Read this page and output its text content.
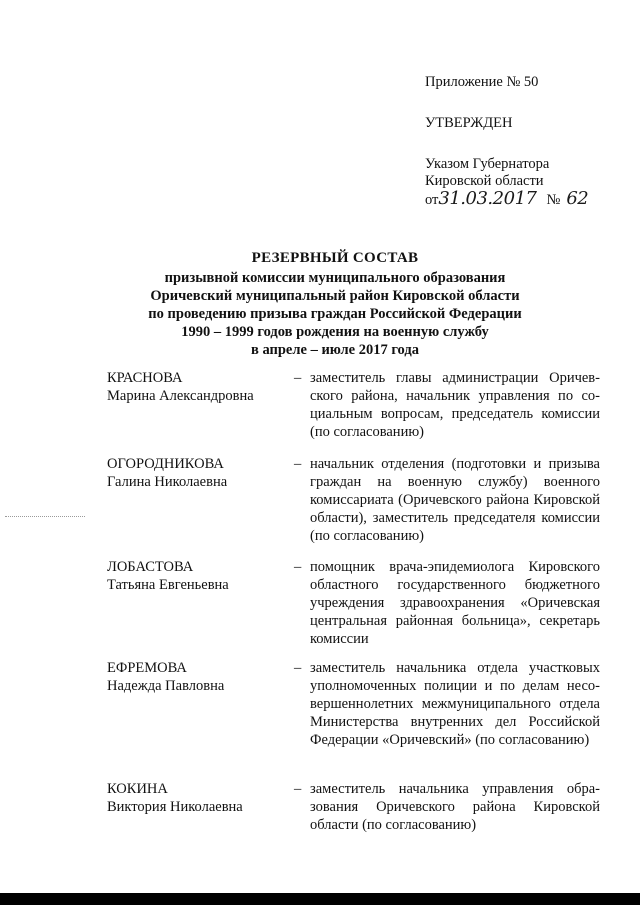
Приложение № 50
УТВЕРЖДЕН
Указом Губернатора
Кировской области
от31.03.2017 № 62
РЕЗЕРВНЫЙ СОСТАВ
призывной комиссии муниципального образования
Оричевский муниципальный район Кировской области
по проведению призыва граждан Российской Федерации
1990 – 1999 годов рождения на военную службу
в апреле – июле 2017 года
КРАСНОВА
Марина Александровна
– заместитель главы администрации Оричевского района, начальник управления по социальным вопросам, председатель комиссии (по согласованию)
ОГОРОДНИКОВА
Галина Николаевна
– начальник отделения (подготовки и призыва граждан на военную службу) военного комиссариата (Оричевского района Кировской области), заместитель председателя комиссии (по согласованию)
ЛОБАСТОВА
Татьяна Евгеньевна
– помощник врача-эпидемиолога Кировского областного государственного бюджетного учреждения здравоохранения «Оричевская центральная районная больница», секретарь комиссии
ЕФРЕМОВА
Надежда Павловна
– заместитель начальника отдела участковых уполномоченных полиции и по делам несовершеннолетних межмуниципального отдела Министерства внутренних дел Российской Федерации «Оричевский» (по согласованию)
КОКИНА
Виктория Николаевна
– заместитель начальника управления образования Оричевского района Кировской области (по согласованию)
